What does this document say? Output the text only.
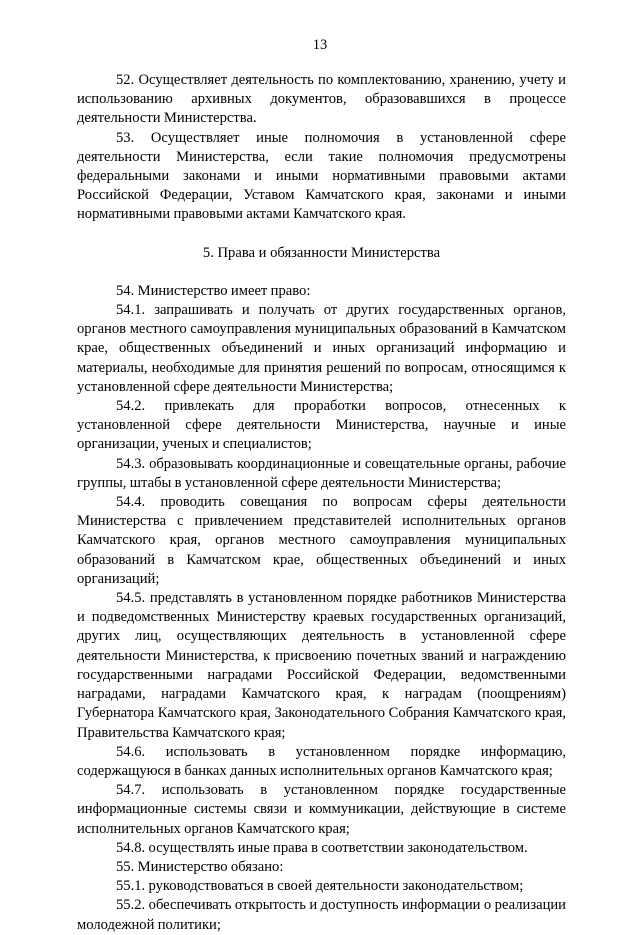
13

52. Осуществляет деятельность по комплектованию, хранению, учету и использованию архивных документов, образовавшихся в процессе деятельности Министерства.

53. Осуществляет иные полномочия в установленной сфере деятельности Министерства, если такие полномочия предусмотрены федеральными законами и иными нормативными правовыми актами Российской Федерации, Уставом Камчатского края, законами и иными нормативными правовыми актами Камчатского края.

5. Права и обязанности Министерства

54. Министерство имеет право:

54.1. запрашивать и получать от других государственных органов, органов местного самоуправления муниципальных образований в Камчатском крае, общественных объединений и иных организаций информацию и материалы, необходимые для принятия решений по вопросам, относящимся к установленной сфере деятельности Министерства;

54.2. привлекать для проработки вопросов, отнесенных к установленной сфере деятельности Министерства, научные и иные организации, ученых и специалистов;

54.3. образовывать координационные и совещательные органы, рабочие группы, штабы в установленной сфере деятельности Министерства;

54.4. проводить совещания по вопросам сферы деятельности Министерства с привлечением представителей исполнительных органов Камчатского края, органов местного самоуправления муниципальных образований в Камчатском крае, общественных объединений и иных организаций;

54.5. представлять в установленном порядке работников Министерства и подведомственных Министерству краевых государственных организаций, других лиц, осуществляющих деятельность в установленной сфере деятельности Министерства, к присвоению почетных званий и награждению государственными наградами Российской Федерации, ведомственными наградами, наградами Камчатского края, к наградам (поощрениям) Губернатора Камчатского края, Законодательного Собрания Камчатского края, Правительства Камчатского края;

54.6. использовать в установленном порядке информацию, содержащуюся в банках данных исполнительных органов Камчатского края;

54.7. использовать в установленном порядке государственные информационные системы связи и коммуникации, действующие в системе исполнительных органов Камчатского края;

54.8. осуществлять иные права в соответствии законодательством.

55. Министерство обязано:

55.1. руководствоваться в своей деятельности законодательством;

55.2. обеспечивать открытость и доступность информации о реализации молодежной политики;
